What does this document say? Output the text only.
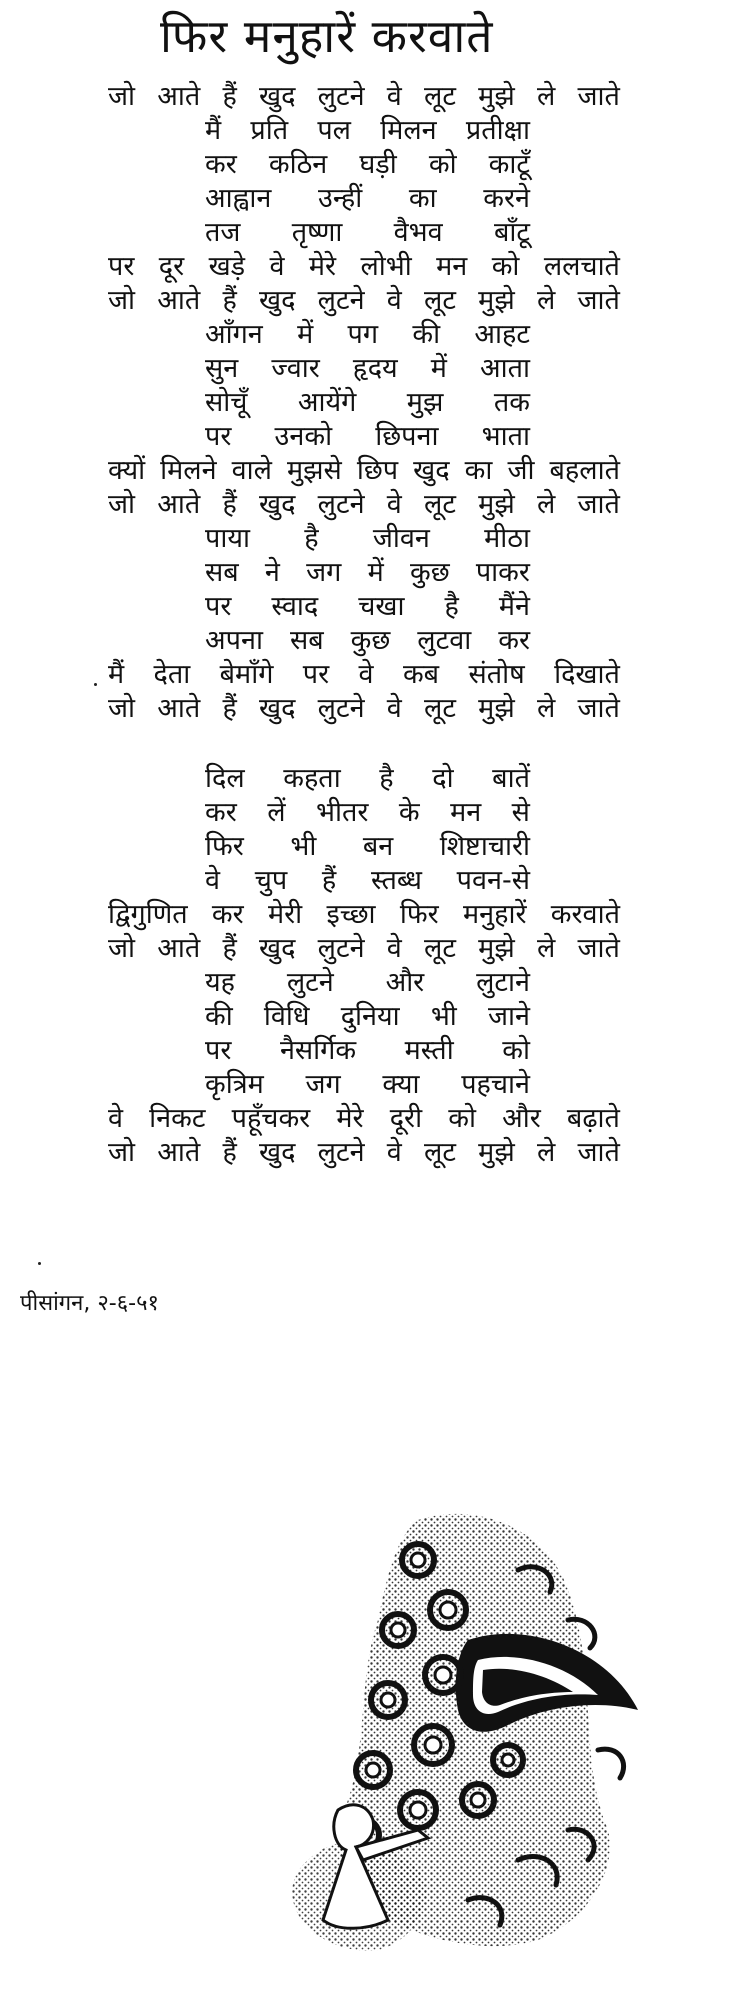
फिर मनुहारें करवाते
जो आते हैं खुद लुटने वे लूट मुझे ले जाते
मैं प्रति पल मिलन प्रतीक्षा
कर कठिन घड़ी को काटूँ
आह्वान उन्हीं का करने
तज तृष्णा वैभव बाँटू
पर दूर खड़े वे मेरे लोभी मन को ललचाते
जो आते हैं खुद लुटने वे लूट मुझे ले जाते
आँगन में पग की आहट
सुन ज्वार हृदय में आता
सोचूँ आयेंगे मुझ तक
पर उनको छिपना भाता
क्यों मिलने वाले मुझसे छिप खुद का जी बहलाते
जो आते हैं खुद लुटने वे लूट मुझे ले जाते
पाया है जीवन मीठा
सब ने जग में कुछ पाकर
पर स्वाद चखा है मैंने
अपना सब कुछ लुटवा कर
मैं देता बेमाँगे पर वे कब संतोष दिखाते
जो आते हैं खुद लुटने वे लूट मुझे ले जाते
दिल कहता है दो बातें
कर लें भीतर के मन से
फिर भी बन शिष्टाचारी
वे चुप हैं स्तब्ध पवन-से
द्विगुणित कर मेरी इच्छा फिर मनुहारें करवाते
जो आते हैं खुद लुटने वे लूट मुझे ले जाते
यह लुटने और लुटाने
की विधि दुनिया भी जाने
पर नैसर्गिक मस्ती को
कृत्रिम जग क्या पहचाने
वे निकट पहूँचकर मेरे दूरी को और बढ़ाते
जो आते हैं खुद लुटने वे लूट मुझे ले जाते
पीसांगन, २-६-५१
